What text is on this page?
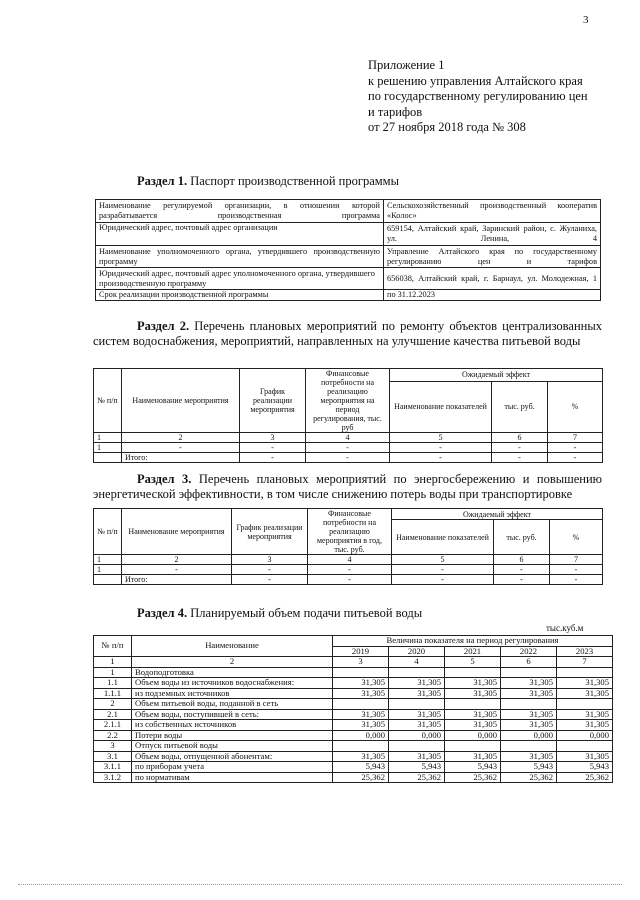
3
Приложение 1
к решению управления Алтайского края
по государственному регулированию цен
и тарифов
от 27 ноября 2018 года № 308
Раздел 1. Паспорт производственной программы
Наименование регулируемой организации, в отношении которой разрабатывается производственная программа	Сельскохозяйственный производственный кооператив «Колос»
Юридический адрес, почтовый адрес организации	659154, Алтайский край, Заринский район, с. Жуланиха, ул. Ленина, 4
Наименование уполномоченного органа, утвердившего производственную программу	Управление Алтайского края по государственному регулированию цен и тарифов
Юридический адрес, почтовый адрес уполномоченного органа, утвердившего производственную программу	656038, Алтайский край, г. Барнаул, ул. Молодежная, 1
Срок реализации производственной программы	по 31.12.2023
Раздел 2. Перечень плановых мероприятий по ремонту объектов централизованных систем водоснабжения, мероприятий, направленных на улучшение качества питьевой воды
№ п/п	Наименование мероприятия	График реализации мероприятия	Финансовые потребности на реализацию мероприятия на период регулирования, тыс. руб	Ожидаемый эффект		
				Наименование показателей	тыс. руб.	%
1	2	3	4	5	6	7
1	-	-	-	-	-	-
	Итого:	-	-	-	-	-
Раздел 3. Перечень плановых мероприятий по энергосбережению и повышению энергетической эффективности, в том числе снижению потерь воды при транспортировке
№ п/п	Наименование мероприятия	График реализации мероприятия	Финансовые потребности на реализацию мероприятия в год, тыс. руб.	Ожидаемый эффект		
				Наименование показателей	тыс. руб.	%
1	2	3	4	5	6	7
1	-	-	-	-	-	-
	Итого:	-	-	-	-	-
Раздел 4. Планируемый объем подачи питьевой воды
тыс.куб.м
№ п/п	Наименование	Величина показателя на период регулирования				
		2019	2020	2021	2022	2023
1	2	3	4	5	6	7
1	Водоподготовка					
1.1	Объем воды из источников водоснабжения:	31,305	31,305	31,305	31,305	31,305
1.1.1	из подземных источников	31,305	31,305	31,305	31,305	31,305
2	Объем питьевой воды, поданной в сеть					
2.1	Объем воды, поступившей в сеть:	31,305	31,305	31,305	31,305	31,305
2.1.1	из собственных источников	31,305	31,305	31,305	31,305	31,305
2.2	Потери воды	0,000	0,000	0,000	0,000	0,000
3	Отпуск питьевой воды					
3.1	Объем воды, отпущенной абонентам:	31,305	31,305	31,305	31,305	31,305
3.1.1	по приборам учета	5,943	5,943	5,943	5,943	5,943
3.1.2	по нормативам	25,362	25,362	25,362	25,362	25,362
